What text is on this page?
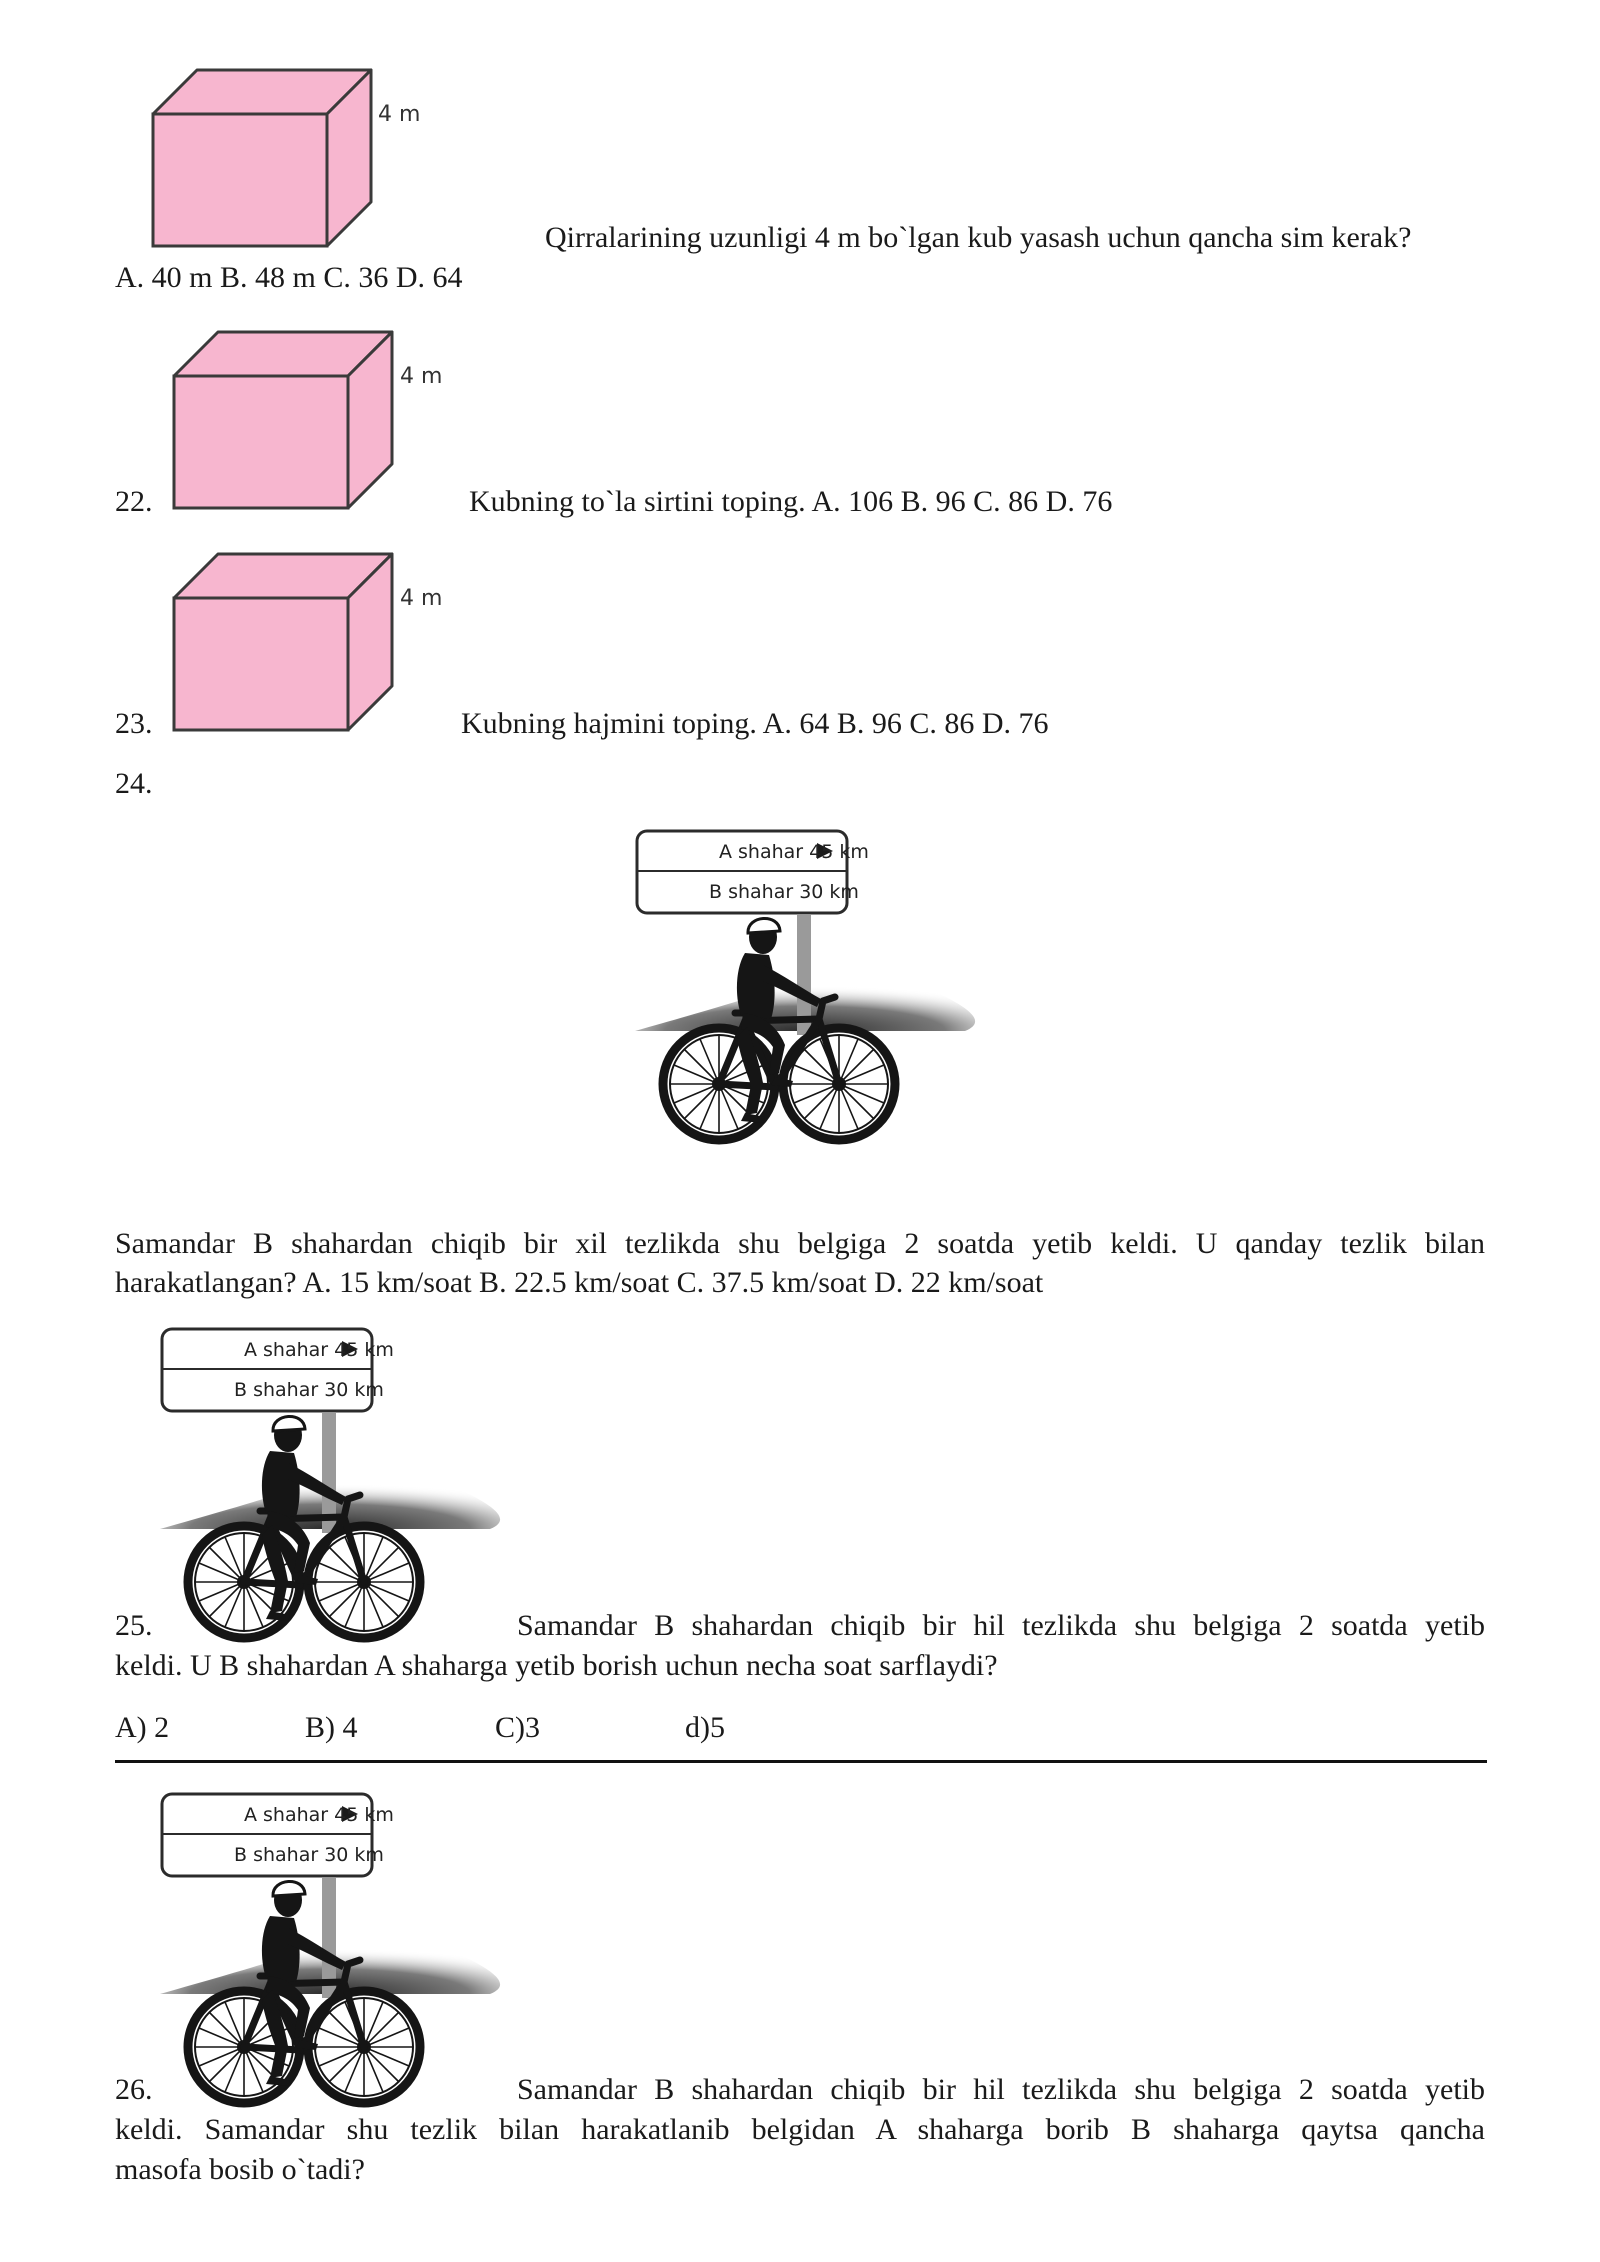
4 m
Qirralarining uzunligi 4 m bo`lgan kub yasash uchun qancha sim kerak?
A. 40 m B. 48 m C. 36 D. 64
22.
4 m
Kubning to`la sirtini toping. A. 106 B. 96 C. 86 D. 76
23.
4 m
Kubning hajmini toping. A. 64 B. 96 C. 86 D. 76
24.
A shahar 45 km
B shahar 30 km
Samandar B shahardan chiqib bir xil tezlikda shu belgiga 2 soatda yetib keldi. U qanday tezlik bilan
harakatlangan? A. 15 km/soat B. 22.5 km/soat C. 37.5 km/soat D. 22 km/soat
A shahar 45 km
B shahar 30 km
25.	Samandar B shahardan chiqib bir hil tezlikda shu belgiga 2 soatda yetib
keldi. U B shahardan A shaharga yetib borish uchun necha soat sarflaydi?
A) 2	B) 4	C)3	d)5
A shahar 45 km
B shahar 30 km
26.	Samandar B shahardan chiqib bir hil tezlikda shu belgiga 2 soatda yetib
keldi. Samandar shu tezlik bilan harakatlanib belgidan A shaharga borib B shaharga qaytsa qancha
masofa bosib o`tadi?
